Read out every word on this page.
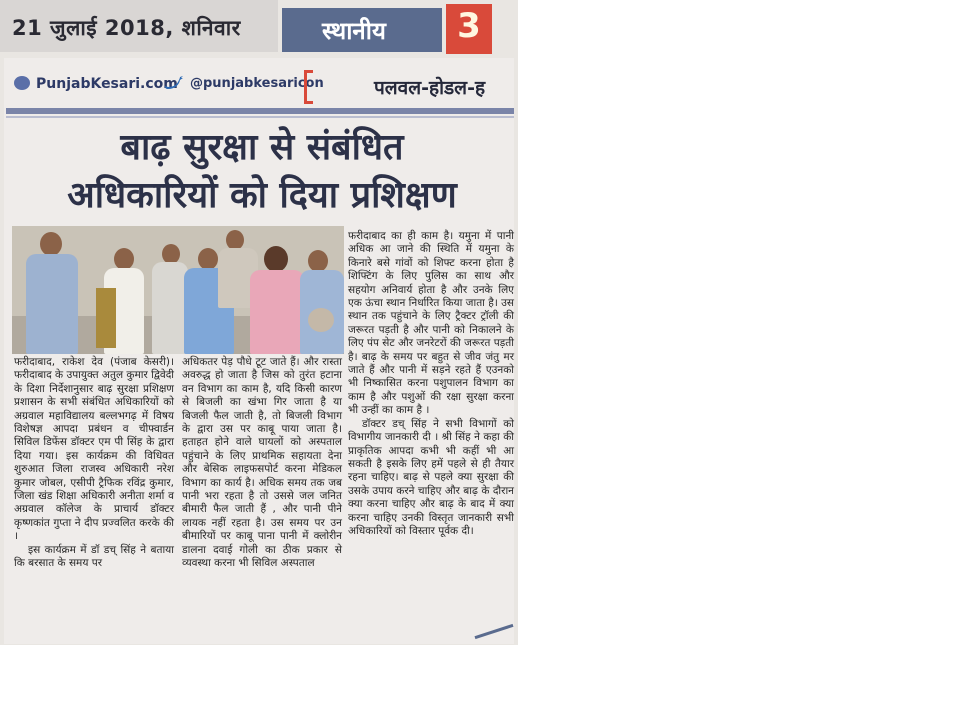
21 जुलाई 2018, शनिवार	स्थानीय	3
PunjabKesari.com @punjabkesaricon	पलवल-होडल-ह
बाढ़ सुरक्षा से संबंधित
अधिकारियों को दिया प्रशिक्षण

फरीदाबाद, राकेश देव (पंजाब केसरी)। फरीदाबाद के उपायुक्त अतुल कुमार द्विवेदी के दिशा निर्देशानुसार बाढ़ सुरक्षा प्रशिक्षण प्रशासन के सभी संबंधित अधिकारियों को अग्रवाल महाविद्यालय बल्लभगढ़ में विषय विशेषज्ञ आपदा प्रबंधन व चीफ्वार्डन सिविल डिफेंस डॉक्टर एम पी सिंह के द्वारा दिया गया। इस कार्यक्रम की विधिवत शुरुआत जिला राजस्व अधिकारी नरेश कुमार जोबल, एसीपी ट्रैफिक रविंद्र कुमार, जिला खंड शिक्षा अधिकारी अनीता शर्मा व अग्रवाल कॉलेज के प्राचार्य डॉक्टर कृष्णकांत गुप्ता ने दीप प्रज्वलित करके की ।

इस कार्यक्रम में डॉ डच् सिंह ने बताया कि बरसात के समय पर

अधिकतर पेड़ पौधे टूट जाते हैं। और रास्ता अवरुद्ध हो जाता है जिस को तुरंत हटाना वन विभाग का काम है, यदि किसी कारण से बिजली का खंभा गिर जाता है या बिजली फैल जाती है, तो बिजली विभाग के द्वारा उस पर काबू पाया जाता है। हताहत होने वाले घायलों को अस्पताल पहुंचाने के लिए प्राथमिक सहायता देना और बेसिक लाइफसपोर्ट करना मेडिकल विभाग का कार्य है। अधिक समय तक जब पानी भरा रहता है तो उससे जल जनित बीमारी फैल जाती हैं , और पानी पीने लायक नहीं रहता है। उस समय पर उन बीमारियों पर काबू पाना पानी में क्लोरीन डालना दवाई गोली का ठीक प्रकार से व्यवस्था करना भी सिविल अस्पताल

फरीदाबाद का ही काम है। यमुना में पानी अधिक आ जाने की स्थिति में यमुना के किनारे बसे गांवों को शिफ्ट करना होता है शिफ्टिंग के लिए पुलिस का साथ और सहयोग अनिवार्य होता है और उनके लिए एक ऊंचा स्थान निर्धारित किया जाता है। उस स्थान तक पहुंचाने के लिए ट्रैक्टर ट्रॉली की जरूरत पड़ती है और पानी को निकालने के लिए पंप सेट और जनरेटरों की जरूरत पड़ती है। बाढ़ के समय पर बहुत से जीव जंतु मर जाते हैं और पानी में सड़ने रहते हैं एउनको भी निष्कासित करना पशुपालन विभाग का काम है और पशुओं की रक्षा सुरक्षा करना भी उन्हीं का काम है ।

डॉक्टर डच् सिंह ने सभी विभागों को विभागीय जानकारी दी । श्री सिंह ने कहा की प्राकृतिक आपदा कभी भी कहीं भी आ सकती है इसके लिए हमें पहले से ही तैयार रहना चाहिए। बाढ़ से पहले क्या सुरक्षा की उसके उपाय करने चाहिए और बाढ़ के दौरान क्या करना चाहिए और बाढ़ के बाद में क्या करना चाहिए उनकी विस्तृत जानकारी सभी अधिकारियों को विस्तार पूर्वक दी।
